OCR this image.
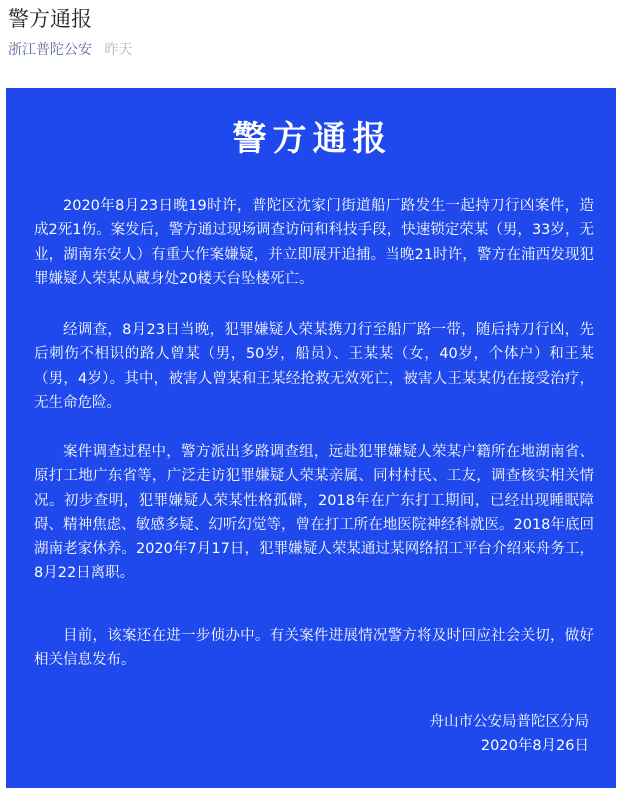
警方通报
浙江普陀公安 昨天
警方通报

2020年8月23日晚19时许，普陀区沈家门街道船厂路发生一起持刀行凶案件，造成2死1伤。案发后，警方通过现场调查访问和科技手段，快速锁定荣某（男，33岁，无业，湖南东安人）有重大作案嫌疑，并立即展开追捕。当晚21时许，警方在浦西发现犯罪嫌疑人荣某从藏身处20楼天台坠楼死亡。

经调查，8月23日当晚，犯罪嫌疑人荣某携刀行至船厂路一带，随后持刀行凶，先后刺伤不相识的路人曾某（男，50岁，船员）、王某某（女，40岁，个体户）和王某（男，4岁）。其中，被害人曾某和王某经抢救无效死亡，被害人王某某仍在接受治疗，无生命危险。

案件调查过程中，警方派出多路调查组，远赴犯罪嫌疑人荣某户籍所在地湖南省、原打工地广东省等，广泛走访犯罪嫌疑人荣某亲属、同村村民、工友，调查核实相关情况。初步查明，犯罪嫌疑人荣某性格孤僻，2018年在广东打工期间，已经出现睡眠障碍、精神焦虑、敏感多疑、幻听幻觉等，曾在打工所在地医院神经科就医。2018年底回湖南老家休养。2020年7月17日，犯罪嫌疑人荣某通过某网络招工平台介绍来舟务工，8月22日离职。

目前，该案还在进一步侦办中。有关案件进展情况警方将及时回应社会关切，做好相关信息发布。

舟山市公安局普陀区分局
2020年8月26日
